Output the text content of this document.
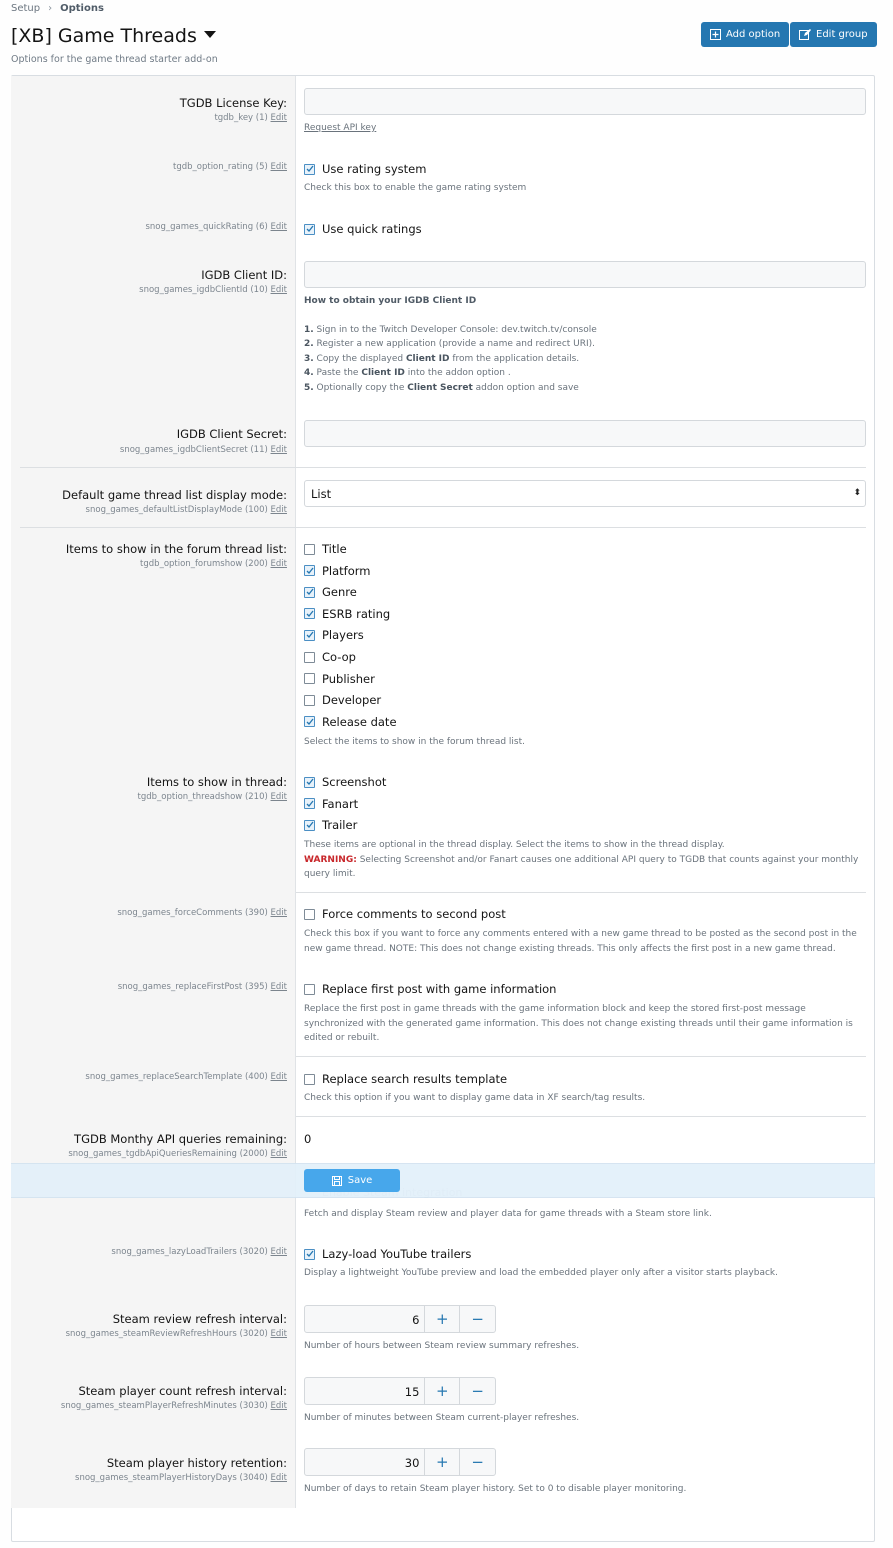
Setup › Options
[XB] Game Threads
Options for the game thread starter add-on
Add option	Edit group
TGDB License Key:
tgdb_key (1) Edit
Request API key
tgdb_option_rating (5) Edit	Use rating system
Check this box to enable the game rating system
snog_games_quickRating (6) Edit	Use quick ratings
IGDB Client ID:
snog_games_igdbClientId (10) Edit
How to obtain your IGDB Client ID
1. Sign in to the Twitch Developer Console: dev.twitch.tv/console
2. Register a new application (provide a name and redirect URI).
3. Copy the displayed Client ID from the application details.
4. Paste the Client ID into the addon option .
5. Optionally copy the Client Secret addon option and save
IGDB Client Secret:
snog_games_igdbClientSecret (11) Edit
Default game thread list display mode:
snog_games_defaultListDisplayMode (100) Edit
List	⬍
Items to show in the forum thread list:
tgdb_option_forumshow (200) Edit
Title
Platform
Genre
ESRB rating
Players
Co-op
Publisher
Developer
Release date
Select the items to show in the forum thread list.
Items to show in thread:
tgdb_option_threadshow (210) Edit
Screenshot
Fanart
Trailer
These items are optional in the thread display. Select the items to show in the thread display.
WARNING: Selecting Screenshot and/or Fanart causes one additional API query to TGDB that counts against your monthly query limit.
snog_games_forceComments (390) Edit	Force comments to second post
Check this box if you want to force any comments entered with a new game thread to be posted as the second post in the new game thread. NOTE: This does not change existing threads. This only affects the first post in a new game thread.
snog_games_replaceFirstPost (395) Edit	Replace first post with game information
Replace the first post in game threads with the game information block and keep the stored first-post message synchronized with the generated game information. This does not change existing threads until their game information is edited or rebuilt.
snog_games_replaceSearchTemplate (400) Edit	Replace search results template
Check this option if you want to display game data in XF search/tag results.
TGDB Monthy API queries remaining:
snog_games_tgdbApiQueriesRemaining (2000) Edit
0
Fetch and display Steam review and player data for game threads with a Steam store link.
Save
snog_games_lazyLoadTrailers (3020) Edit	Lazy-load YouTube trailers
Display a lightweight YouTube preview and load the embedded player only after a visitor starts playback.
Steam review refresh interval:
snog_games_steamReviewRefreshHours (3020) Edit
6	+	−
Number of hours between Steam review summary refreshes.
Steam player count refresh interval:
snog_games_steamPlayerRefreshMinutes (3030) Edit
15	+	−
Number of minutes between Steam current-player refreshes.
Steam player history retention:
snog_games_steamPlayerHistoryDays (3040) Edit
30	+	−
Number of days to retain Steam player history. Set to 0 to disable player monitoring.
